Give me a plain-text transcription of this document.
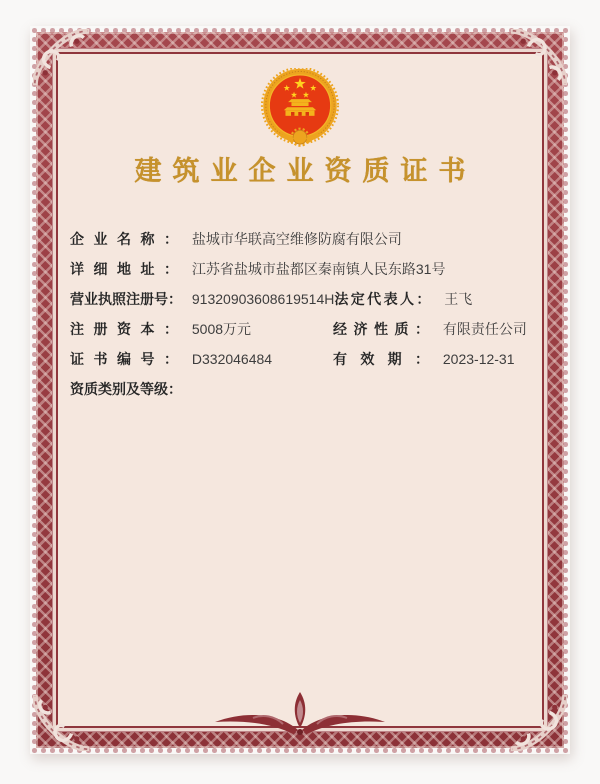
建筑业企业资质证书
企业名称： 盐城市华联高空维修防腐有限公司
详细地址： 江苏省盐城市盐都区秦南镇人民东路31号
营业执照注册号： 91320903608619514H 法定代表人： 王飞
注册资本： 5008万元	经济性质： 有限责任公司
证书编号： D332046484	有效期： 2023-12-31
资质类别及等级：
